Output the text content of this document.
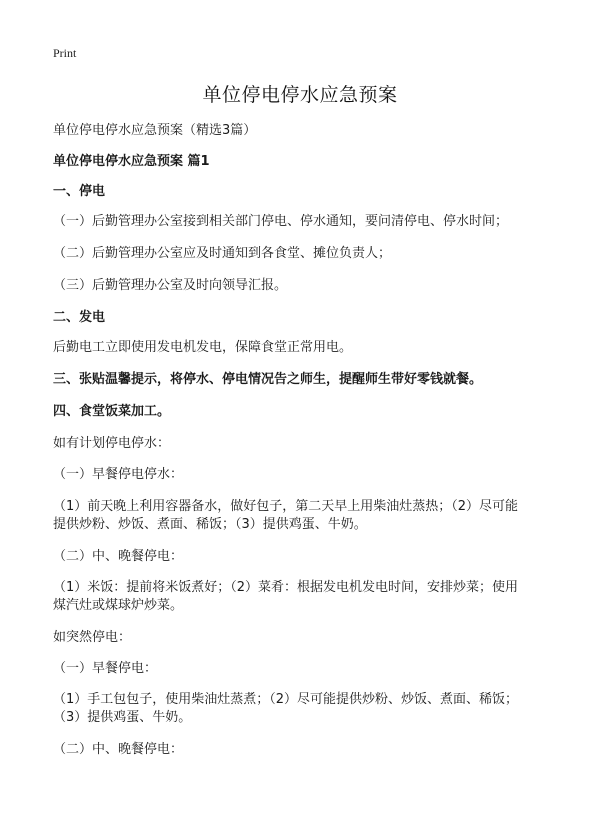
Print
单位停电停水应急预案
单位停电停水应急预案（精选3篇）
单位停电停水应急预案 篇1
一、停电
（一）后勤管理办公室接到相关部门停电、停水通知，要问清停电、停水时间；
（二）后勤管理办公室应及时通知到各食堂、摊位负责人；
（三）后勤管理办公室及时向领导汇报。
二、发电
后勤电工立即使用发电机发电，保障食堂正常用电。
三、张贴温馨提示，将停水、停电情况告之师生，提醒师生带好零钱就餐。
四、食堂饭菜加工。
如有计划停电停水：
（一）早餐停电停水：
（1）前天晚上利用容器备水，做好包子，第二天早上用柴油灶蒸热；（2）尽可能
提供炒粉、炒饭、煮面、稀饭；（3）提供鸡蛋、牛奶。
（二）中、晚餐停电：
（1）米饭：提前将米饭煮好；（2）菜肴：根据发电机发电时间，安排炒菜；使用
煤汽灶或煤球炉炒菜。
如突然停电：
（一）早餐停电：
（1）手工包包子，使用柴油灶蒸煮；（2）尽可能提供炒粉、炒饭、煮面、稀饭；
（3）提供鸡蛋、牛奶。
（二）中、晚餐停电：
